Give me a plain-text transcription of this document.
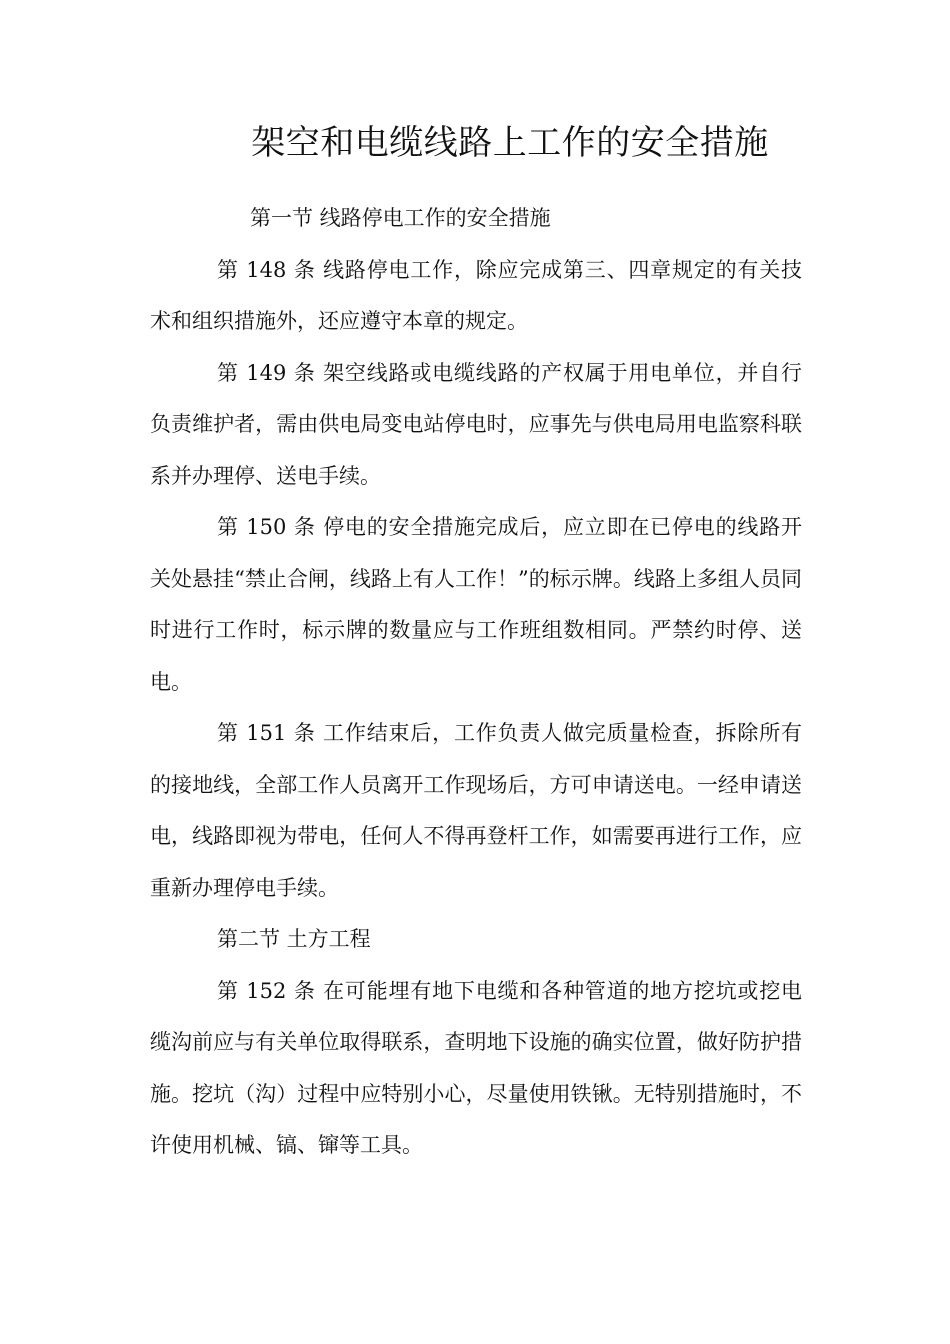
架空和电缆线路上工作的安全措施

第一节 线路停电工作的安全措施

第 148 条 线路停电工作，除应完成第三、四章规定的有关技术和组织措施外，还应遵守本章的规定。

第 149 条 架空线路或电缆线路的产权属于用电单位，并自行负责维护者，需由供电局变电站停电时，应事先与供电局用电监察科联系并办理停、送电手续。

第 150 条 停电的安全措施完成后，应立即在已停电的线路开关处悬挂“禁止合闸，线路上有人工作！”的标示牌。线路上多组人员同时进行工作时，标示牌的数量应与工作班组数相同。严禁约时停、送电。

第 151 条 工作结束后，工作负责人做完质量检查，拆除所有的接地线，全部工作人员离开工作现场后，方可申请送电。一经申请送电，线路即视为带电，任何人不得再登杆工作，如需要再进行工作，应重新办理停电手续。

第二节 土方工程

第 152 条 在可能埋有地下电缆和各种管道的地方挖坑或挖电缆沟前应与有关单位取得联系，查明地下设施的确实位置，做好防护措施。挖坑（沟）过程中应特别小心，尽量使用铁锹。无特别措施时，不许使用机械、镐、镩等工具。
